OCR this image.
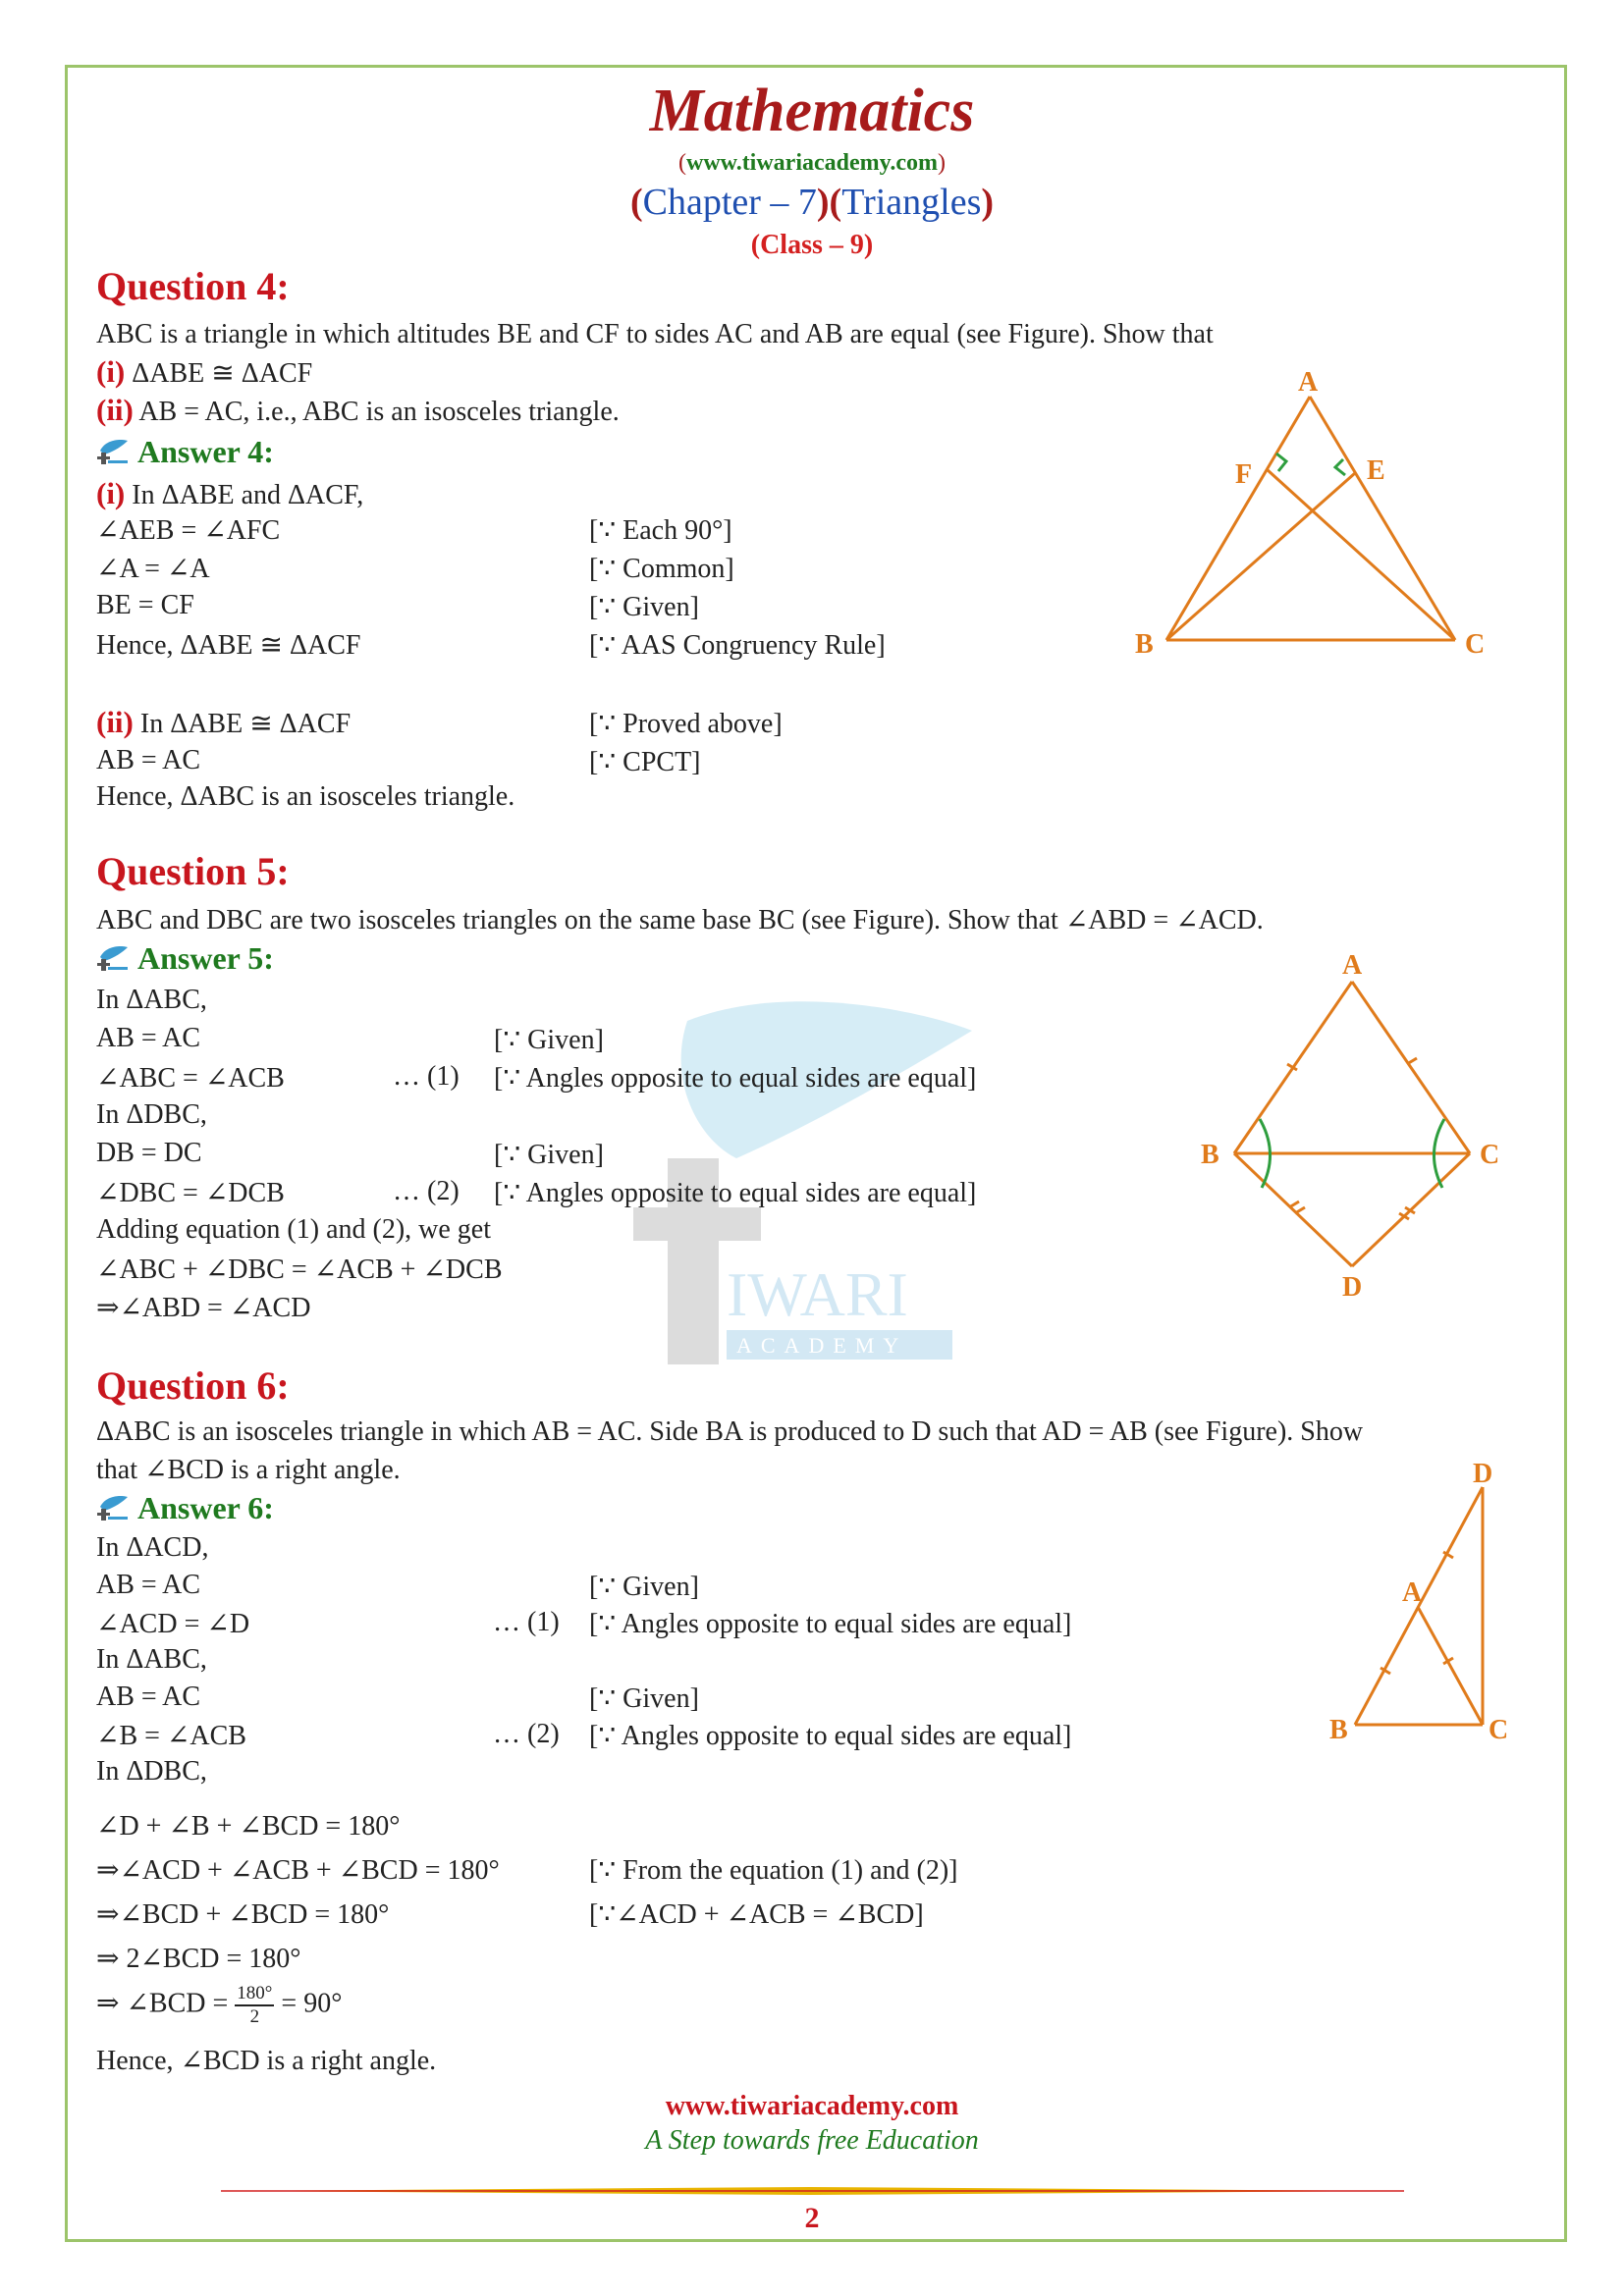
IWARI
ACADEMY
Mathematics
(www.tiwariacademy.com)
(Chapter – 7)(Triangles)
(Class – 9)
Question 4:
ABC is a triangle in which altitudes BE and CF to sides AC and AB are equal (see Figure). Show that
(i) ΔABE ≅ ΔACF
(ii) AB = AC, i.e., ABC is an isosceles triangle.
Answer 4:
(i) In ΔABE and ΔACF,
(ii) In ΔABE ≅ ΔACF	[∵ Proved above]
AB = AC	[∵ CPCT]
Hence, ΔABC is an isosceles triangle.
A
F	E
B	C
Question 5:
ABC and DBC are two isosceles triangles on the same base BC (see Figure). Show that ∠ABD = ∠ACD.
Answer 5:	A
B	C
D
Question 6:
ΔABC is an isosceles triangle in which AB = AC. Side BA is produced to D such that AD = AB (see Figure). Show
that ∠BCD is a right angle.
Answer 6:
⇒ ∠BCD = $\frac{180^\circ}{2} = 90^\circ$
Hence, ∠BCD is a right angle.
D
A
B	C
www.tiwariacademy.com
A Step towards free Education
2
∠AEB = ∠AFC	[∵ Each 90°]
∠A = ∠A	[∵ Common]
BE = CF	[∵ Given]
Hence, ΔABE ≅ ΔACF	[∵ AAS Congruency Rule]
In ΔABC,
AB = AC	[∵ Given]
∠ABC = ∠ACB	… (1) [∵ Angles opposite to equal sides are equal]
In ΔDBC,
DB = DC	[∵ Given]
∠DBC = ∠DCB	… (2) [∵ Angles opposite to equal sides are equal]
Adding equation (1) and (2), we get
∠ABC + ∠DBC = ∠ACB + ∠DCB
⇒∠ABD = ∠ACD
In ΔACD,
AB = AC	[∵ Given]
∠ACD = ∠D	… (1) [∵ Angles opposite to equal sides are equal]
In ΔABC,
AB = AC	[∵ Given]
∠B = ∠ACB	… (2) [∵ Angles opposite to equal sides are equal]
In ΔDBC,
∠D + ∠B + ∠BCD = 180°
⇒∠ACD + ∠ACB + ∠BCD = 180°	[∵ From the equation (1) and (2)]
⇒∠BCD + ∠BCD = 180°	[∵∠ACD + ∠ACB = ∠BCD]
⇒ 2∠BCD = 180°
